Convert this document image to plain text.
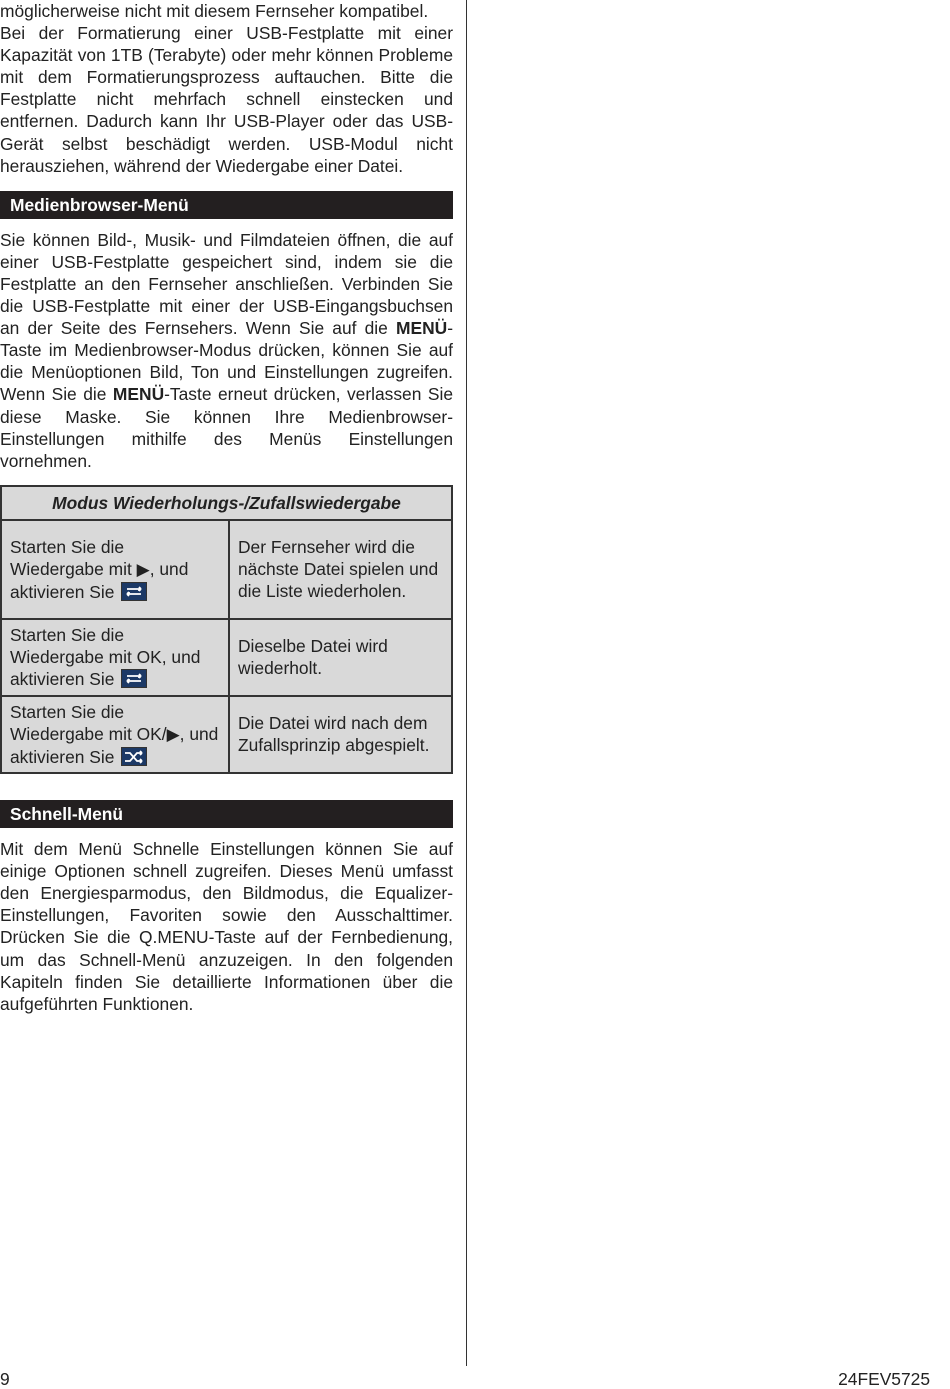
möglicherweise nicht mit diesem Fernseher kompatibel.

Bei der Formatierung einer USB-Festplatte mit einer Kapazität von 1TB (Terabyte) oder mehr können Probleme mit dem Formatierungsprozess auftauchen. Bitte die Festplatte nicht mehrfach schnell einstecken und entfernen. Dadurch kann Ihr USB-Player oder das USB-Gerät selbst beschädigt werden. USB-Modul nicht herausziehen, während der Wiedergabe einer Datei.

Medienbrowser-Menü

Sie können Bild-, Musik- und Filmdateien öffnen, die auf einer USB-Festplatte gespeichert sind, indem sie die Festplatte an den Fernseher anschließen. Verbinden Sie die USB-Festplatte mit einer der USB-Eingangsbuchsen an der Seite des Fernsehers. Wenn Sie auf die MENÜ-Taste im Medienbrowser-Modus drücken, können Sie auf die Menüoptionen Bild, Ton und Einstellungen zugreifen. Wenn Sie die MENÜ-Taste erneut drücken, verlassen Sie diese Maske. Sie können Ihre Medienbrowser-Einstellungen mithilfe des Menüs Einstellungen vornehmen.

Modus Wiederholungs-/Zufallswiedergabe	
Starten Sie die Wiedergabe mit ▶, und aktivieren Sie	Der Fernseher wird die nächste Datei spielen und die Liste wiederholen.
Starten Sie die Wiedergabe mit OK, und aktivieren Sie	Dieselbe Datei wird wiederholt.
Starten Sie die Wiedergabe mit OK/▶, und aktivieren Sie	Die Datei wird nach dem Zufallsprinzip abgespielt.
Schnell-Menü

Mit dem Menü Schnelle Einstellungen können Sie auf einige Optionen schnell zugreifen. Dieses Menü umfasst den Energiesparmodus, den Bildmodus, die Equalizer-Einstellungen, Favoriten sowie den Ausschalttimer. Drücken Sie die Q.MENU-Taste auf der Fernbedienung, um das Schnell-Menü anzuzeigen. In den folgenden Kapiteln finden Sie detaillierte Informationen über die aufgeführten Funktionen.

9	24FEV5725
